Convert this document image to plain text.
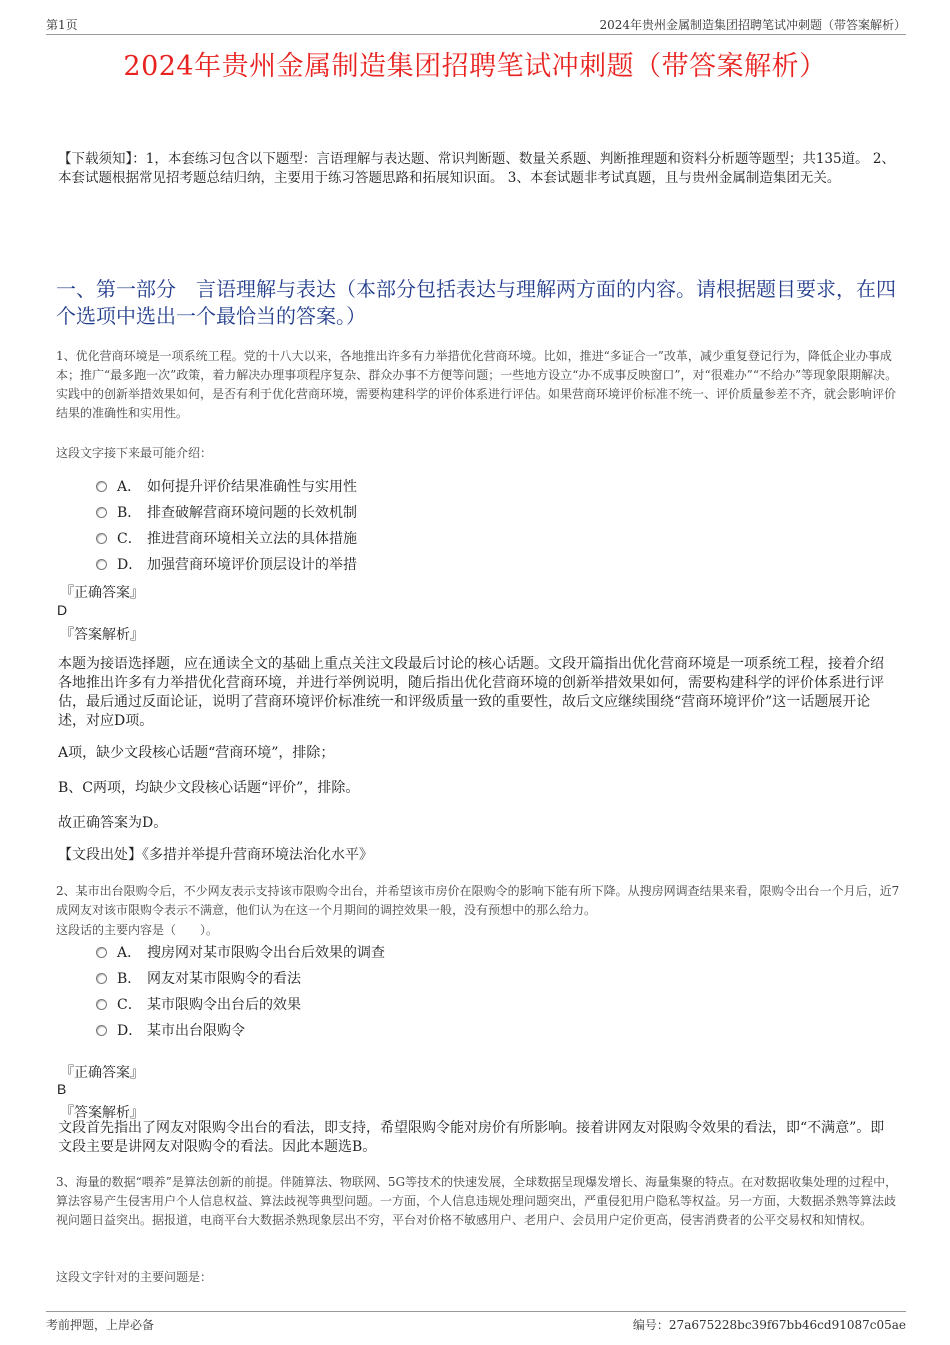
第1页	2024年贵州金属制造集团招聘笔试冲刺题（带答案解析）
2024年贵州金属制造集团招聘笔试冲刺题（带答案解析）
【下载须知】：1，本套练习包含以下题型：言语理解与表达题、常识判断题、数量关系题、判断推理题和资料分析题等题型；共135道。 2、本套试题根据常见招考题总结归纳，主要用于练习答题思路和拓展知识面。 3、本套试题非考试真题，且与贵州金属制造集团无关。
一、第一部分　言语理解与表达（本部分包括表达与理解两方面的内容。请根据题目要求，在四个选项中选出一个最恰当的答案。）
1、优化营商环境是一项系统工程。党的十八大以来，各地推出许多有力举措优化营商环境。比如，推进“多证合一”改革，减少重复登记行为，降低企业办事成本；推广“最多跑一次”政策，着力解决办理事项程序复杂、群众办事不方便等问题；一些地方设立“办不成事反映窗口”，对“很难办”“不给办”等现象限期解决。实践中的创新举措效果如何，是否有利于优化营商环境，需要构建科学的评价体系进行评估。如果营商环境评价标准不统一、评价质量参差不齐，就会影响评价结果的准确性和实用性。
这段文字接下来最可能介绍：
A． 如何提升评价结果准确性与实用性
B． 排查破解营商环境问题的长效机制
C． 推进营商环境相关立法的具体措施
D． 加强营商环境评价顶层设计的举措
『正确答案』
D
『答案解析』
本题为接语选择题，应在通读全文的基础上重点关注文段最后讨论的核心话题。文段开篇指出优化营商环境是一项系统工程，接着介绍各地推出许多有力举措优化营商环境，并进行举例说明，随后指出优化营商环境的创新举措效果如何，需要构建科学的评价体系进行评估，最后通过反面论证，说明了营商环境评价标准统一和评级质量一致的重要性，故后文应继续围绕“营商环境评价”这一话题展开论述，对应D项。
A项，缺少文段核心话题“营商环境”，排除；
B、C两项，均缺少文段核心话题“评价”，排除。
故正确答案为D。
【文段出处】《多措并举提升营商环境法治化水平》
2、某市出台限购令后，不少网友表示支持该市限购令出台，并希望该市房价在限购令的影响下能有所下降。从搜房网调查结果来看，限购令出台一个月后，近7成网友对该市限购令表示不满意，他们认为在这一个月期间的调控效果一般，没有预想中的那么给力。
这段话的主要内容是（　　）。
A． 搜房网对某市限购令出台后效果的调查
B． 网友对某市限购令的看法
C． 某市限购令出台后的效果
D． 某市出台限购令
『正确答案』
B
『答案解析』
文段首先指出了网友对限购令出台的看法，即支持，希望限购令能对房价有所影响。接着讲网友对限购令效果的看法，即“不满意”。即文段主要是讲网友对限购令的看法。因此本题选B。
3、海量的数据“喂养”是算法创新的前提。伴随算法、物联网、5G等技术的快速发展，全球数据呈现爆发增长、海量集聚的特点。在对数据收集处理的过程中，算法容易产生侵害用户个人信息权益、算法歧视等典型问题。一方面，个人信息违规处理问题突出，严重侵犯用户隐私等权益。另一方面，大数据杀熟等算法歧视问题日益突出。据报道，电商平台大数据杀熟现象层出不穷，平台对价格不敏感用户、老用户、会员用户定价更高，侵害消费者的公平交易权和知情权。
这段文字针对的主要问题是：
考前押题，上岸必备	编号：27a675228bc39f67bb46cd91087c05ae
